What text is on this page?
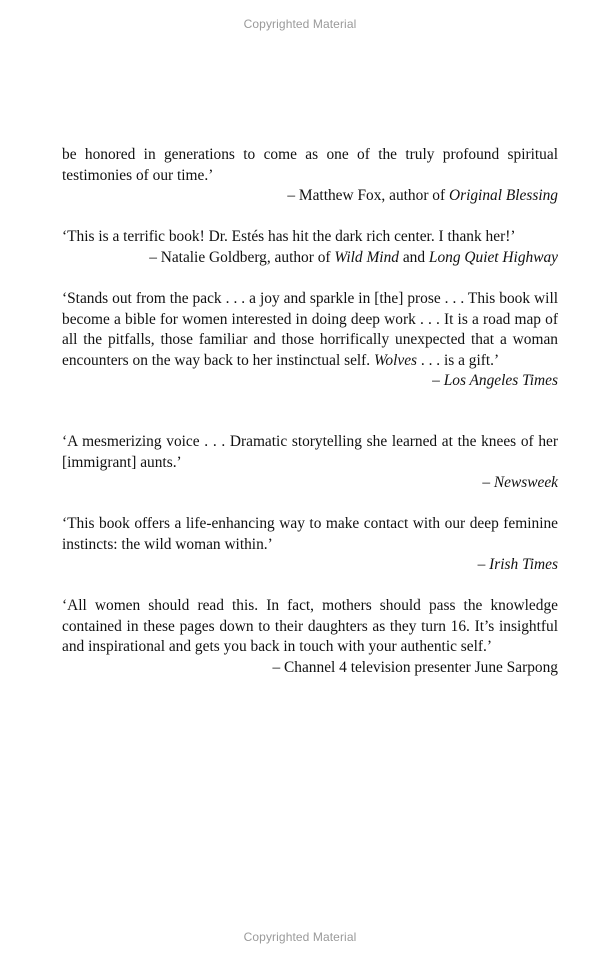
Copyrighted Material

be honored in generations to come as one of the truly profound spiritual testimonies of our time.’

– Matthew Fox, author of Original Blessing

‘This is a terrific book! Dr. Estés has hit the dark rich center. I thank her!’

– Natalie Goldberg, author of Wild Mind and Long Quiet Highway

‘Stands out from the pack . . . a joy and sparkle in [the] prose . . . This book will become a bible for women interested in doing deep work . . . It is a road map of all the pitfalls, those familiar and those horrifically unexpected that a woman encounters on the way back to her instinctual self. Wolves . . . is a gift.’

– Los Angeles Times

‘A mesmerizing voice . . . Dramatic storytelling she learned at the knees of her [immigrant] aunts.’

– Newsweek

‘This book offers a life-enhancing way to make contact with our deep feminine instincts: the wild woman within.’

– Irish Times

‘All women should read this. In fact, mothers should pass the knowledge contained in these pages down to their daughters as they turn 16. It’s insightful and inspirational and gets you back in touch with your authentic self.’

– Channel 4 television presenter June Sarpong

Copyrighted Material
